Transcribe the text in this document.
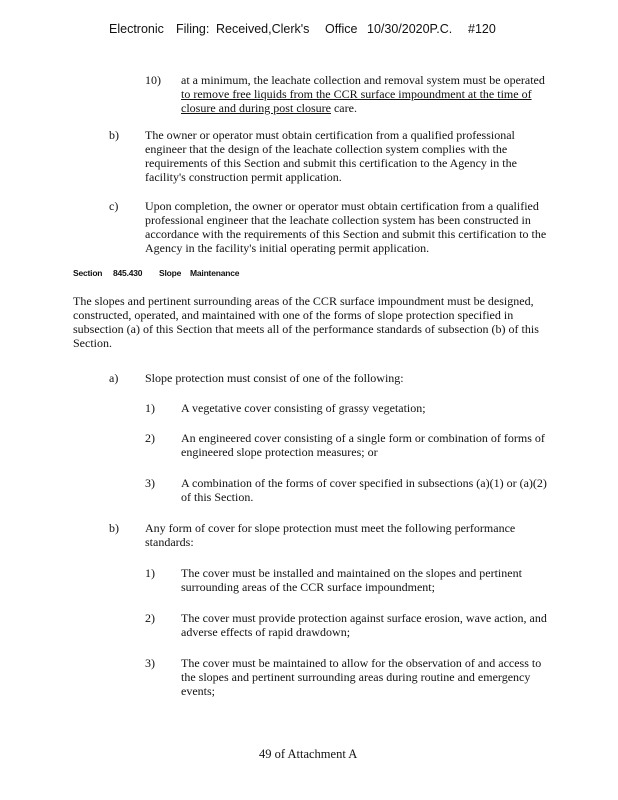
Electronic Filing: Received,Clerk's Office 10/30/2020P.C. #120
10) at a minimum, the leachate collection and removal system must be operated
to remove free liquids from the CCR surface impoundment at the time of
closure and during post closure care.
b) The owner or operator must obtain certification from a qualified professional
engineer that the design of the leachate collection system complies with the
requirements of this Section and submit this certification to the Agency in the
facility's construction permit application.
c) Upon completion, the owner or operator must obtain certification from a qualified
professional engineer that the leachate collection system has been constructed in
accordance with the requirements of this Section and submit this certification to the
Agency in the facility's initial operating permit application.
Section 845.430 Slope Maintenance
The slopes and pertinent surrounding areas of the CCR surface impoundment must be designed,
constructed, operated, and maintained with one of the forms of slope protection specified in
subsection (a) of this Section that meets all of the performance standards of subsection (b) of this
Section.
a) Slope protection must consist of one of the following:
1) A vegetative cover consisting of grassy vegetation;
2) An engineered cover consisting of a single form or combination of forms of
engineered slope protection measures; or
3) A combination of the forms of cover specified in subsections (a)(1) or (a)(2)
of this Section.
b) Any form of cover for slope protection must meet the following performance
standards:
1) The cover must be installed and maintained on the slopes and pertinent
surrounding areas of the CCR surface impoundment;
2) The cover must provide protection against surface erosion, wave action, and
adverse effects of rapid drawdown;
3) The cover must be maintained to allow for the observation of and access to
the slopes and pertinent surrounding areas during routine and emergency
events;
49 of Attachment A
